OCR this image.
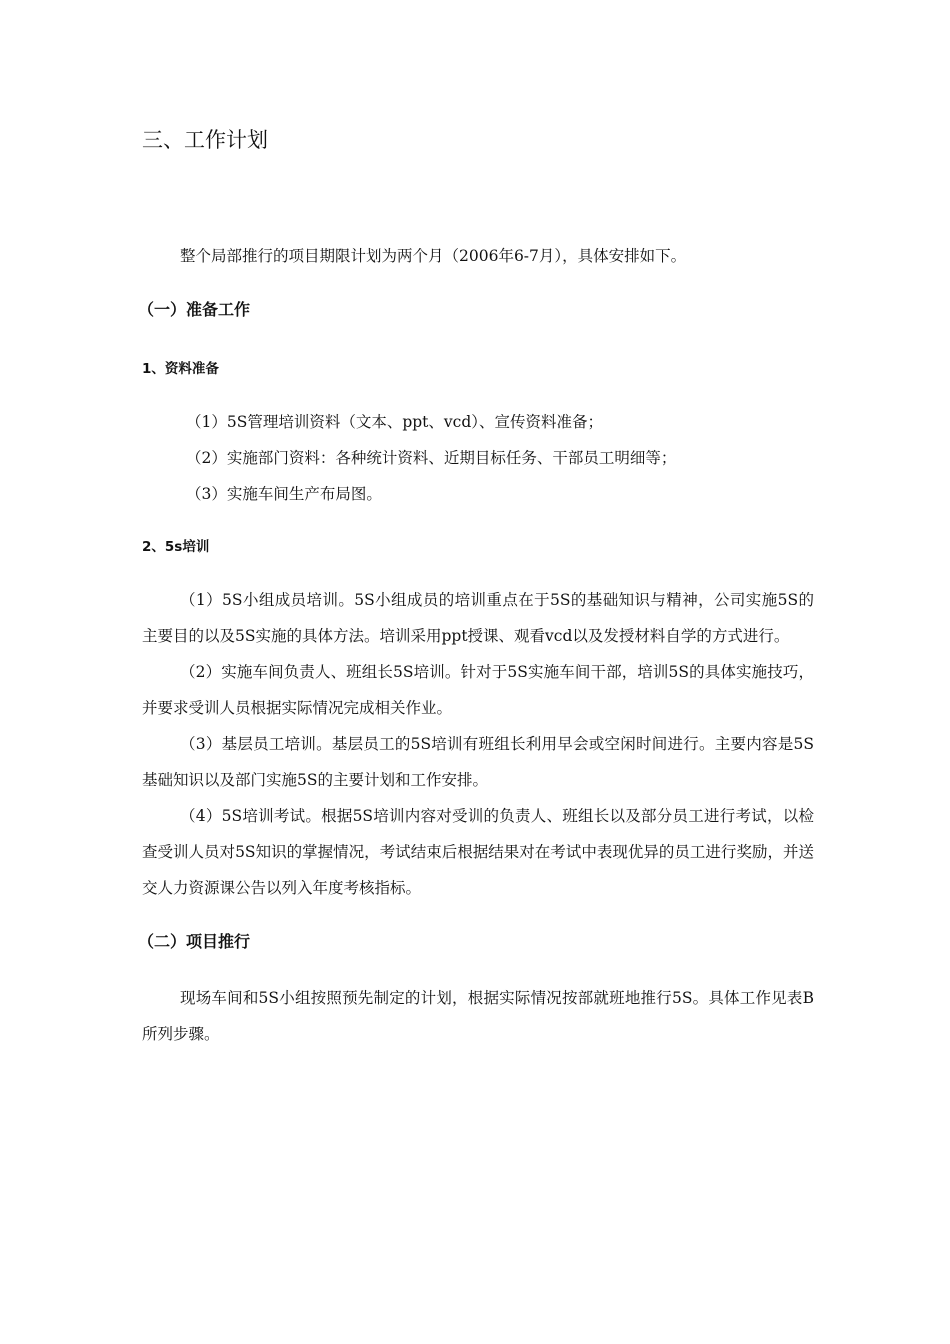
三、工作计划

整个局部推行的项目期限计划为两个月（2006年6-7月），具体安排如下。

（一）准备工作
1、资料准备

（1）5S管理培训资料（文本、ppt、vcd）、宣传资料准备；

（2）实施部门资料：各种统计资料、近期目标任务、干部员工明细等；

（3）实施车间生产布局图。

2、5s培训

（1）5S小组成员培训。5S小组成员的培训重点在于5S的基础知识与精神，公司实施5S的主要目的以及5S实施的具体方法。培训采用ppt授课、观看vcd以及发授材料自学的方式进行。

（2）实施车间负责人、班组长5S培训。针对于5S实施车间干部，培训5S的具体实施技巧，并要求受训人员根据实际情况完成相关作业。

（3）基层员工培训。基层员工的5S培训有班组长利用早会或空闲时间进行。主要内容是5S基础知识以及部门实施5S的主要计划和工作安排。

（4）5S培训考试。根据5S培训内容对受训的负责人、班组长以及部分员工进行考试，以检查受训人员对5S知识的掌握情况，考试结束后根据结果对在考试中表现优异的员工进行奖励，并送交人力资源课公告以列入年度考核指标。

（二）项目推行

现场车间和5S小组按照预先制定的计划，根据实际情况按部就班地推行5S。具体工作见表B所列步骤。
